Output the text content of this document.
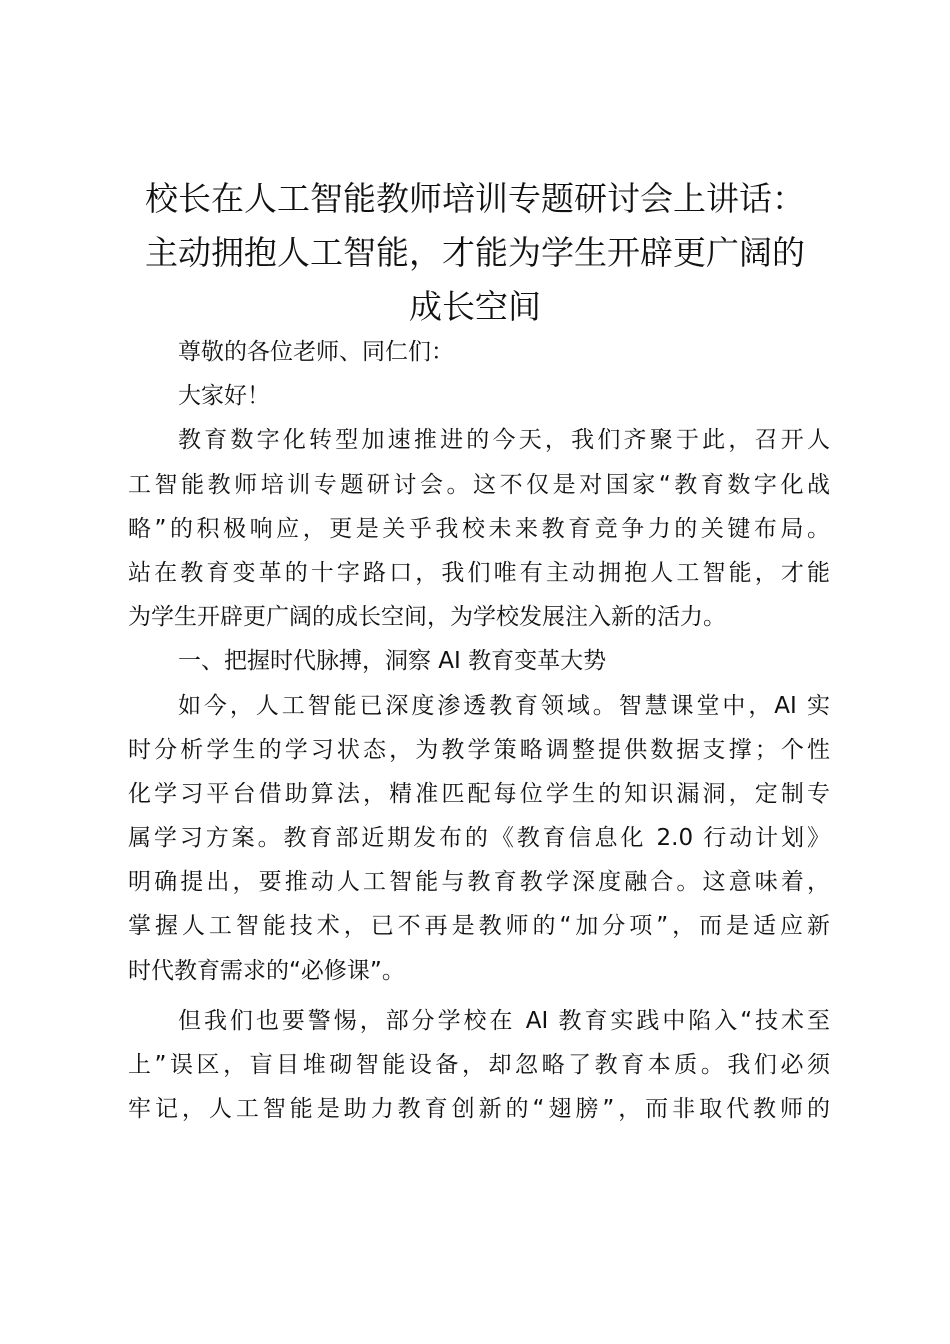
校长在人工智能教师培训专题研讨会上讲话：
主动拥抱人工智能，才能为学生开辟更广阔的
成长空间
尊敬的各位老师、同仁们：
大家好！
教育数字化转型加速推进的今天，我们齐聚于此，召开人
工智能教师培训专题研讨会。这不仅是对国家“教育数字化战
略”的积极响应，更是关乎我校未来教育竞争力的关键布局。
站在教育变革的十字路口，我们唯有主动拥抱人工智能，才能
为学生开辟更广阔的成长空间，为学校发展注入新的活力。
一、把握时代脉搏，洞察 AI 教育变革大势
如今，人工智能已深度渗透教育领域。智慧课堂中，AI 实
时分析学生的学习状态，为教学策略调整提供数据支撑；个性
化学习平台借助算法，精准匹配每位学生的知识漏洞，定制专
属学习方案。教育部近期发布的《教育信息化 2.0 行动计划》
明确提出，要推动人工智能与教育教学深度融合。这意味着，
掌握人工智能技术，已不再是教师的“加分项”，而是适应新
时代教育需求的“必修课”。
但我们也要警惕，部分学校在 AI 教育实践中陷入“技术至
上”误区，盲目堆砌智能设备，却忽略了教育本质。我们必须
牢记，人工智能是助力教育创新的“翅膀”，而非取代教师的
